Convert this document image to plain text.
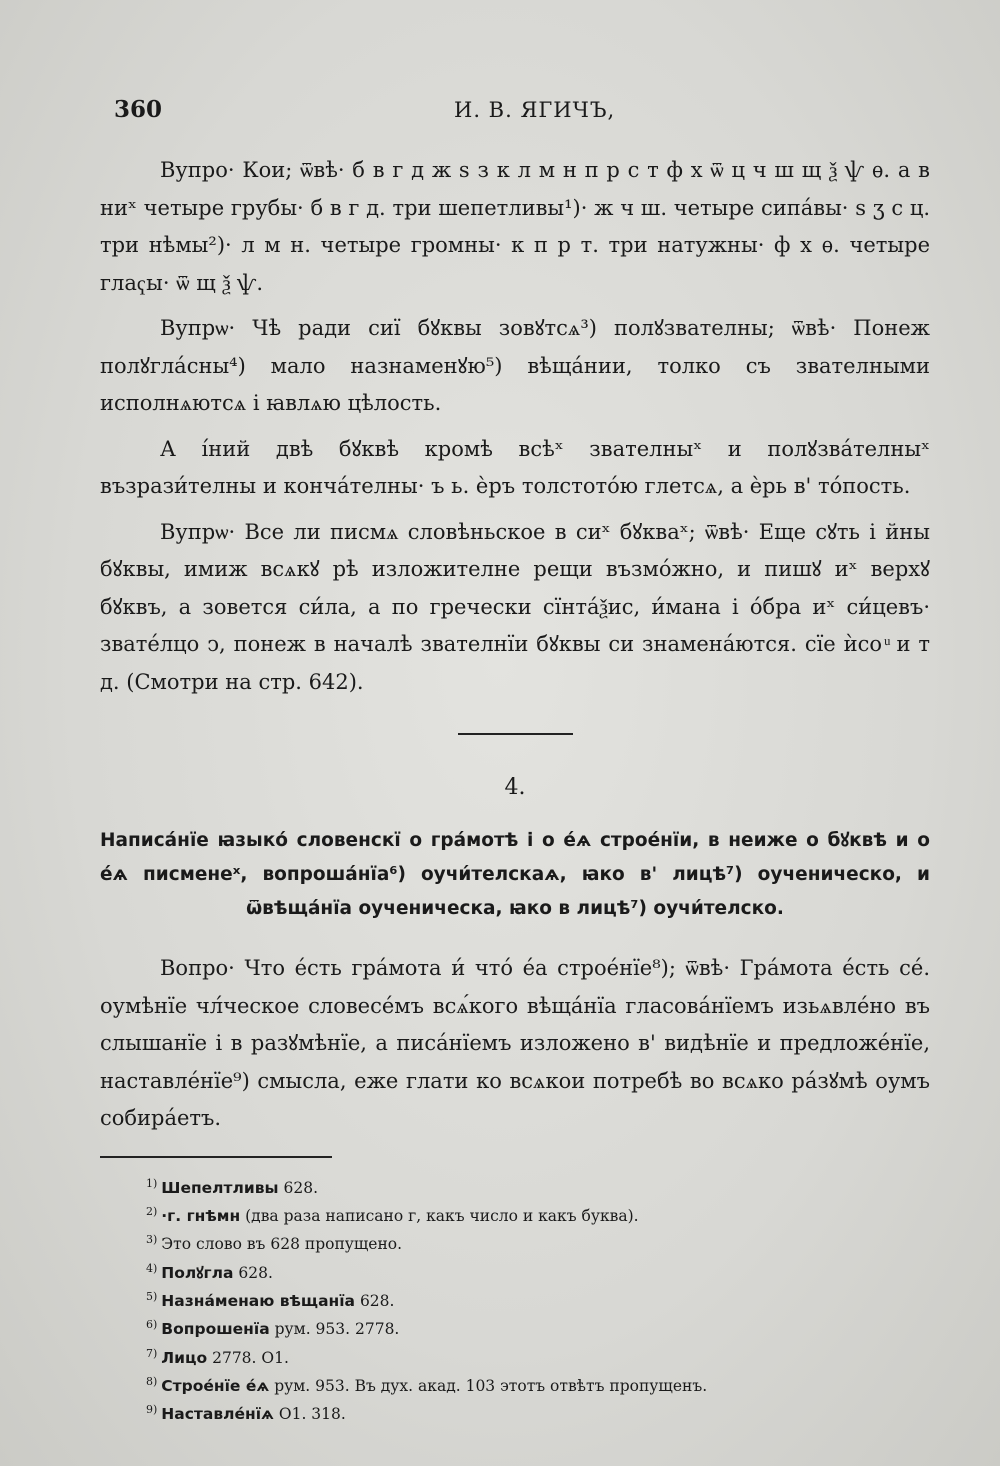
360	И. В. ЯГИЧЪ,

Вупро· Кои; ѿвѣ· б в г д ж ѕ з к л м н п р с т ф х ѿ ц ч ш щ ѯ ѱ ѳ. а в ниˣ четыре грубы· б в г д. три шепетливы¹)· ж ч ш. четыре сипа́вы· ѕ ʒ с ц. три нѣмы²)· л м н. четыре громны· к п р т. три натужны· ф х ѳ. четыре глаҁы· ѿ щ ѯ ѱ.

Вупрѡ· Чѣ ради сиї бꙋквы зовꙋтсѧ³) полꙋзвателны; ѿвѣ· Понеж полꙋгла́сны⁴) мало назнаменꙋю⁵) вѣща́нии, толко съ звателными исполнѧютсѧ і ꙗвлѧю цѣлость.

А і́ний двѣ бꙋквѣ кромѣ всѣˣ звателныˣ и полꙋзва́телныˣ възрази́телны и конча́телны· ъ ь. ѐръ толстото́ю глетсѧ, а ѐрь в' то́пость.

Вупрѡ· Все ли писмѧ словѣньское в сиˣ бꙋкваˣ; ѿвѣ· Еще сꙋть і йны бꙋквы, имиж всѧкꙋ рѣ изложителне рещи възмо́жно, и пишꙋ иˣ верхꙋ бꙋквъ, а зовется си́ла, а по гречески сїнта́ѯис, и́мана і о́бра иˣ си́цевъ· звате́лцо ͻ, понеж в началѣ звателнїи бꙋквы си знамена́ются. сїе ѝсо ͧ и т д. (Смотри на стр. 642).

4.
Написа́нїе ꙗзыко́ словенскї о гра́мотѣ і о е́ѧ строе́нїи, в неиже о бꙋквѣ и о е́ѧ писменеˣ, вопроша́нїа⁶) оучи́телскаѧ, ꙗко в' лицѣ⁷) оученическо, и ѿвѣща́нїа оученическа, ꙗко в лицѣ⁷) оучи́телско.

Вопро· Что е́сть гра́мота и́ что́ е́а строе́нїе⁸); ѿвѣ· Гра́мота е́сть се́. оумѣнїе чл́ческое словесе́мъ всѧ́кого вѣща́нїа гласова́нїемъ изьѧвле́но въ слышанїе і в разꙋмѣнїе, а писа́нїемъ изложено в' видѣнїе и предложе́нїе, наставле́нїе⁹) смысла, еже глати ко всѧкои потребѣ во всѧко ра́зꙋмѣ оумъ собира́етъ.

$^{1)}$ Шепелтливы 628.
$^{2)}$ ·г. гнѣмн (два раза написано г, какъ число и какъ буква).
$^{3)}$ Это слово въ 628 пропущено.
$^{4)}$ Полꙋгла 628.
$^{5)}$ Назна́менаю вѣщанїа 628.
$^{6)}$ Вопрошенїа рум. 953. 2778.
$^{7)}$ Лицо 2778. О1.
$^{8)}$ Строе́нїе е́ѧ рум. 953. Въ дух. акад. 103 этотъ отвѣтъ пропущенъ.
$^{9)}$ Наставле́нїѧ О1. 318.
